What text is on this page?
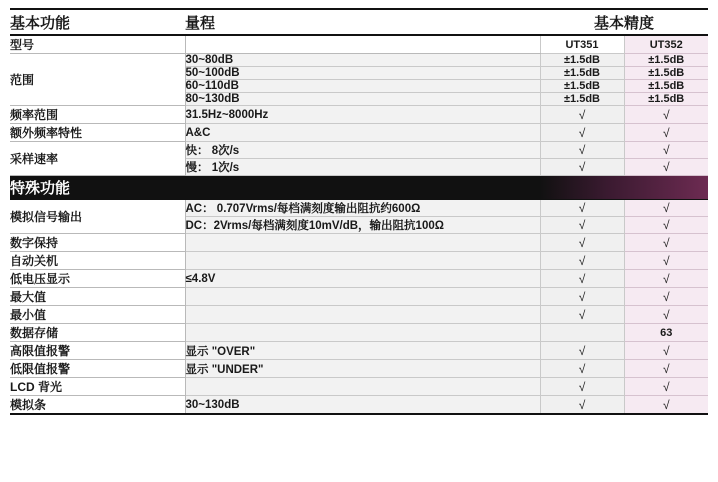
基本功能	量程	基本精度	
型号		UT351	UT352
范围	30~80dB	±1.5dB	±1.5dB
	50~100dB	±1.5dB	±1.5dB
	60~110dB	±1.5dB	±1.5dB
	80~130dB	±1.5dB	±1.5dB
频率范围	31.5Hz~8000Hz	√	√
额外频率特性	A&C	√	√
采样速率	快： 8次/s	√	√
	慢： 1次/s	√	√
特殊功能			
模拟信号输出	AC： 0.707Vrms/每档满刻度输出阻抗约600Ω	√	√
	DC：2Vrms/每档满刻度10mV/dB，输出阻抗100Ω	√	√
数字保持		√	√
自动关机		√	√
低电压显示	≤4.8V	√	√
最大值		√	√
最小值		√	√
数据存储			63
高限值报警	显示 "OVER"	√	√
低限值报警	显示 "UNDER"	√	√
LCD 背光		√	√
模拟条	30~130dB	√	√
